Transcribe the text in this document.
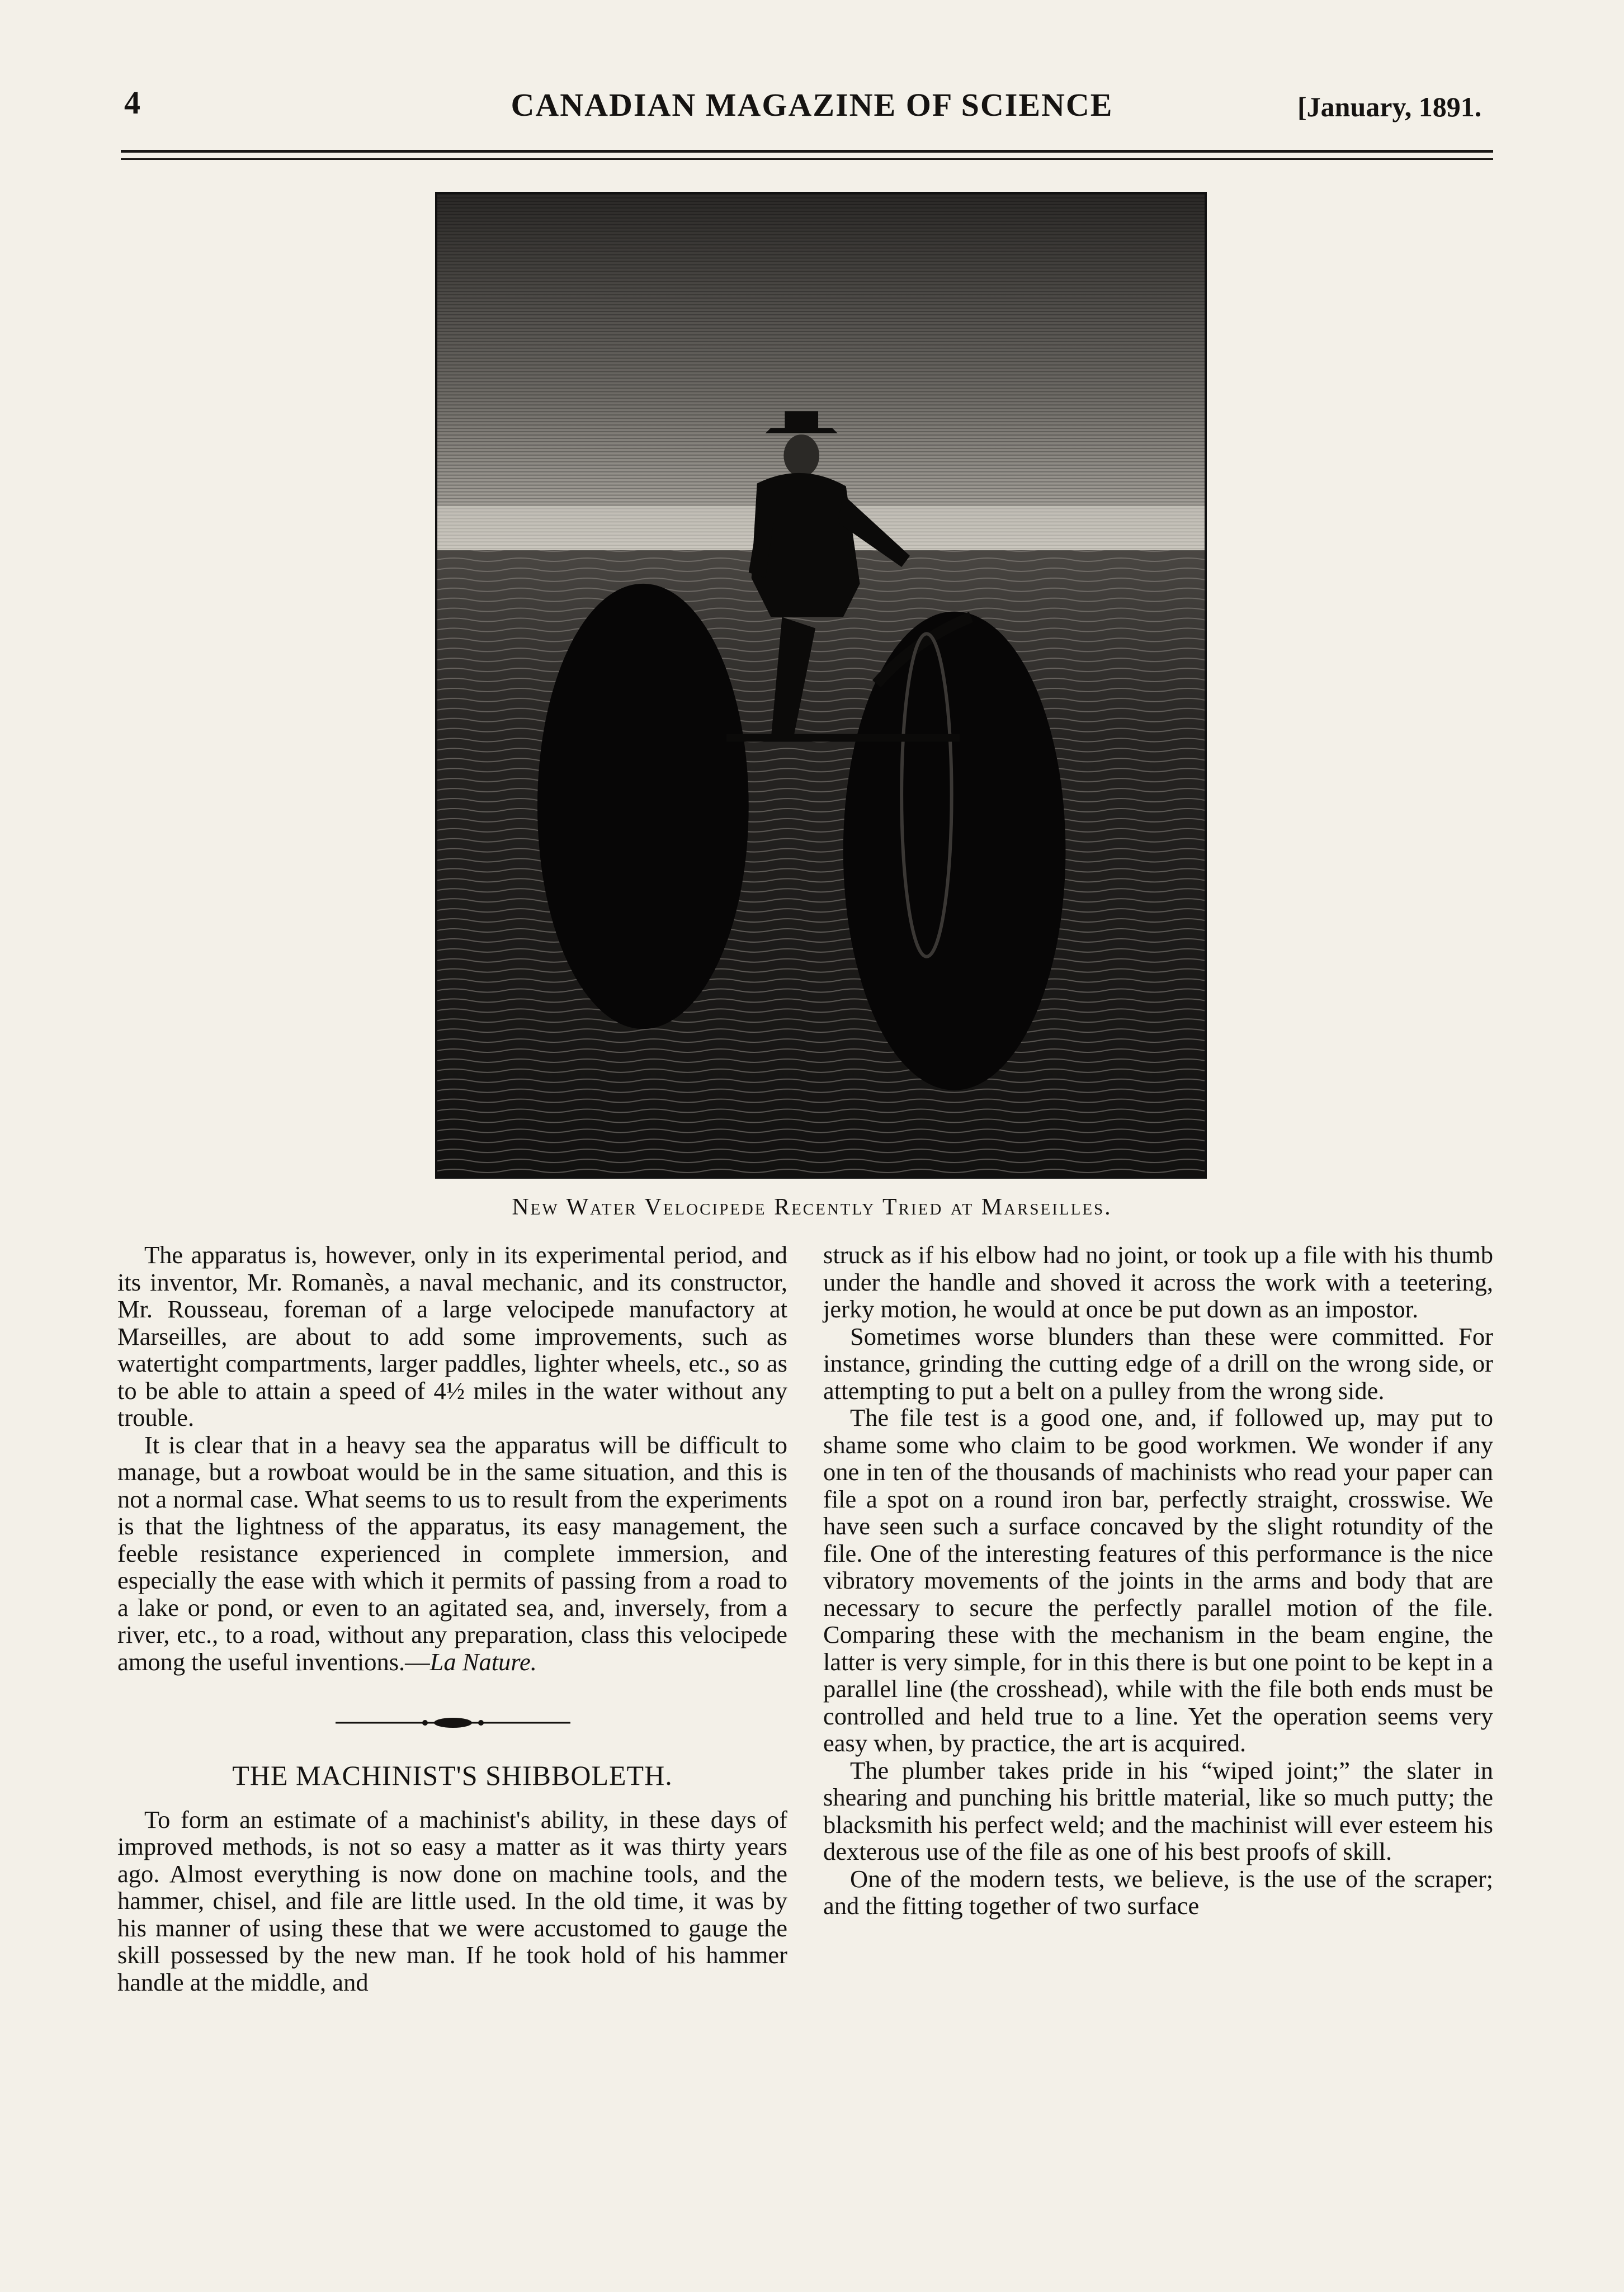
4	CANADIAN MAGAZINE OF SCIENCE	[January, 1891.
New Water Velocipede Recently Tried at Marseilles.

The apparatus is, however, only in its experimental period, and its inventor, Mr. Romanès, a naval mechanic, and its constructor, Mr. Rousseau, foreman of a large velocipede manufactory at Marseilles, are about to add some improvements, such as watertight compartments, larger paddles, lighter wheels, etc., so as to be able to attain a speed of 4½ miles in the water without any trouble.

It is clear that in a heavy sea the apparatus will be difficult to manage, but a rowboat would be in the same situation, and this is not a normal case. What seems to us to result from the experiments is that the lightness of the apparatus, its easy management, the feeble resistance experienced in complete immersion, and especially the ease with which it permits of passing from a road to a lake or pond, or even to an agitated sea, and, inversely, from a river, etc., to a road, without any preparation, class this velocipede among the useful inventions.—La Nature.

THE MACHINIST'S SHIBBOLETH.

To form an estimate of a machinist's ability, in these days of improved methods, is not so easy a matter as it was thirty years ago. Almost everything is now done on machine tools, and the hammer, chisel, and file are little used. In the old time, it was by his manner of using these that we were accustomed to gauge the skill possessed by the new man. If he took hold of his hammer handle at the middle, and

struck as if his elbow had no joint, or took up a file with his thumb under the handle and shoved it across the work with a teetering, jerky motion, he would at once be put down as an impostor.

Sometimes worse blunders than these were committed. For instance, grinding the cutting edge of a drill on the wrong side, or attempting to put a belt on a pulley from the wrong side.

The file test is a good one, and, if followed up, may put to shame some who claim to be good workmen. We wonder if any one in ten of the thousands of machinists who read your paper can file a spot on a round iron bar, perfectly straight, crosswise. We have seen such a surface concaved by the slight rotundity of the file. One of the interesting features of this performance is the nice vibratory movements of the joints in the arms and body that are necessary to secure the perfectly parallel motion of the file. Comparing these with the mechanism in the beam engine, the latter is very simple, for in this there is but one point to be kept in a parallel line (the crosshead), while with the file both ends must be controlled and held true to a line. Yet the operation seems very easy when, by practice, the art is acquired.

The plumber takes pride in his “wiped joint;” the slater in shearing and punching his brittle material, like so much putty; the blacksmith his perfect weld; and the machinist will ever esteem his dexterous use of the file as one of his best proofs of skill.

One of the modern tests, we believe, is the use of the scraper; and the fitting together of two surface
